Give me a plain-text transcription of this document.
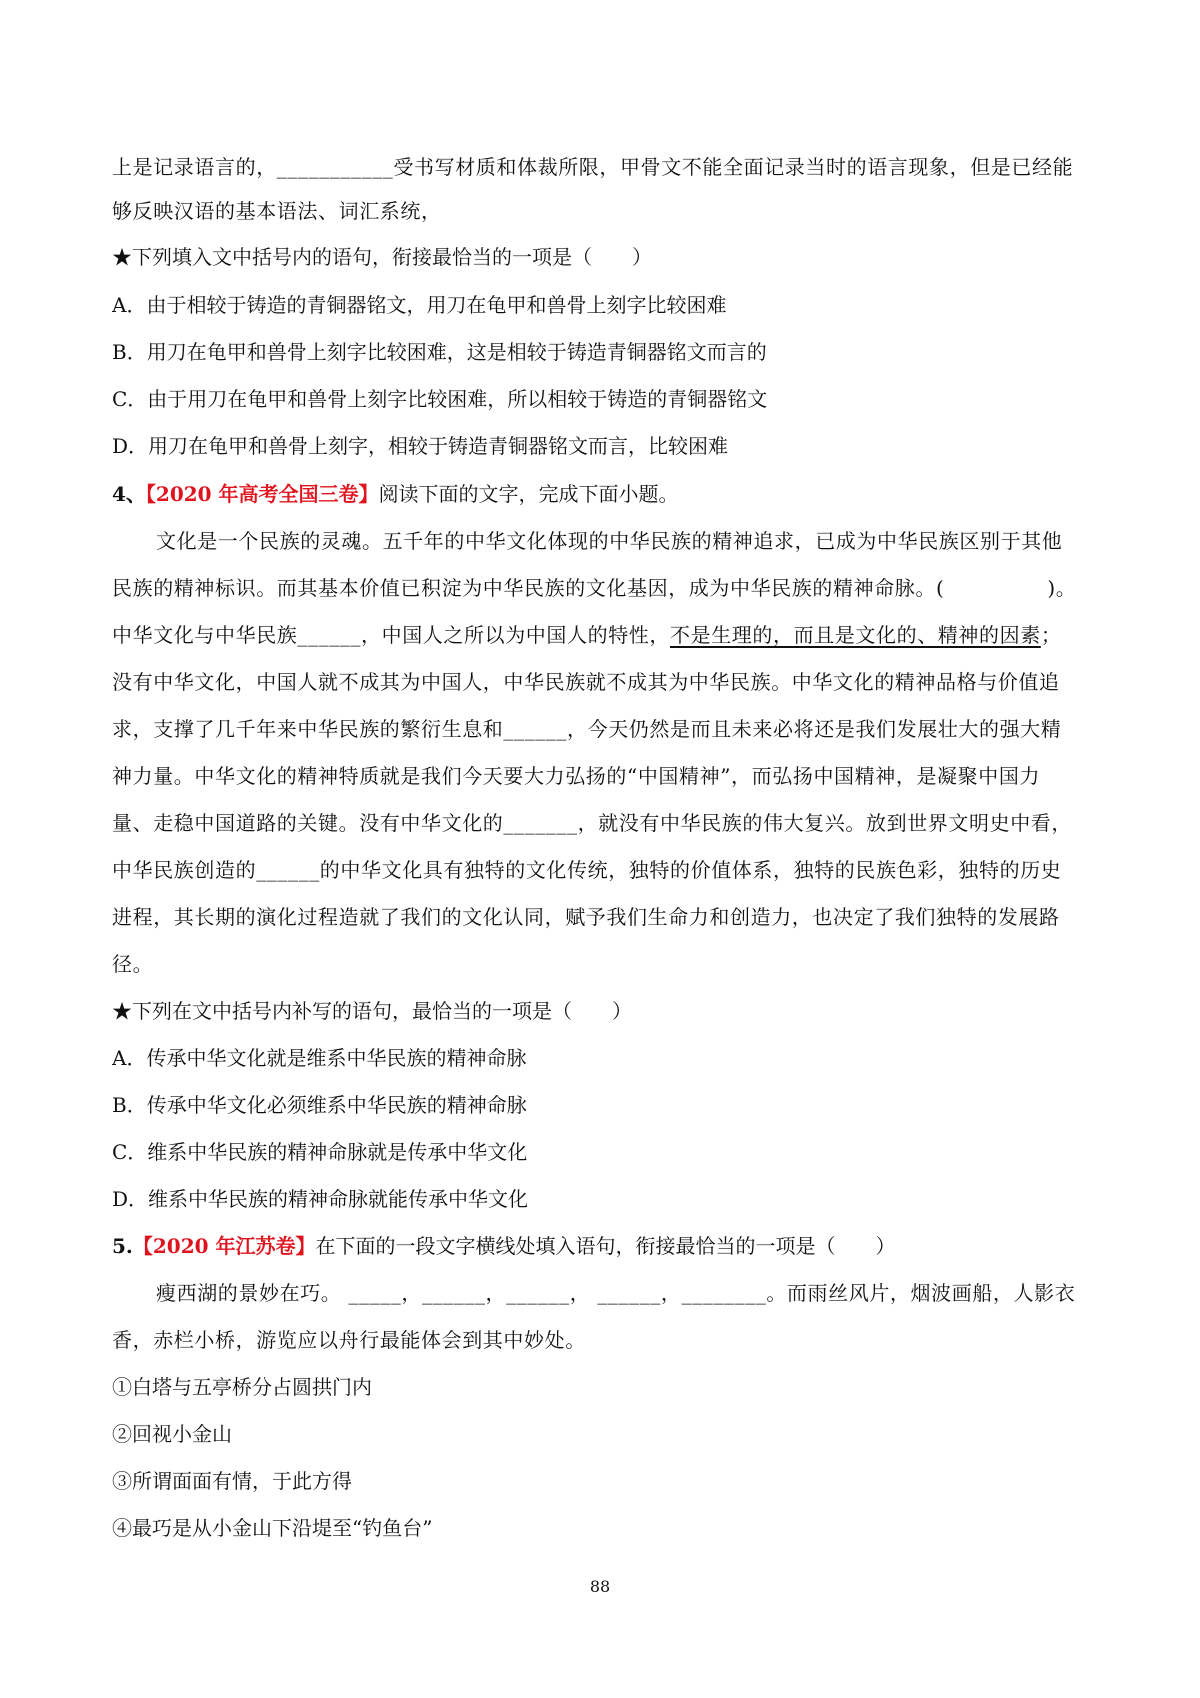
上是记录语言的，___________受书写材质和体裁所限，甲骨文不能全面记录当时的语言现象，但是已经能
够反映汉语的基本语法、词汇系统，
★下列填入文中括号内的语句，衔接最恰当的一项是（　　）
A．由于相较于铸造的青铜器铭文，用刀在龟甲和兽骨上刻字比较困难
B．用刀在龟甲和兽骨上刻字比较困难，这是相较于铸造青铜器铭文而言的
C．由于用刀在龟甲和兽骨上刻字比较困难，所以相较于铸造的青铜器铭文
D．用刀在龟甲和兽骨上刻字，相较于铸造青铜器铭文而言，比较困难
4、【2020 年高考全国三卷】阅读下面的文字，完成下面小题。
文化是一个民族的灵魂。五千年的中华文化体现的中华民族的精神追求，已成为中华民族区别于其他
民族的精神标识。而其基本价值已积淀为中华民族的文化基因，成为中华民族的精神命脉。(　　　　　)。
中华文化与中华民族______，中国人之所以为中国人的特性，不是生理的，而且是文化的、精神的因素；
没有中华文化，中国人就不成其为中国人，中华民族就不成其为中华民族。中华文化的精神品格与价值追
求，支撑了几千年来中华民族的繁衍生息和______，今天仍然是而且未来必将还是我们发展壮大的强大精
神力量。中华文化的精神特质就是我们今天要大力弘扬的“中国精神”，而弘扬中国精神，是凝聚中国力
量、走稳中国道路的关键。没有中华文化的_______，就没有中华民族的伟大复兴。放到世界文明史中看，
中华民族创造的______的中华文化具有独特的文化传统，独特的价值体系，独特的民族色彩，独特的历史
进程，其长期的演化过程造就了我们的文化认同，赋予我们生命力和创造力，也决定了我们独特的发展路
径。
★下列在文中括号内补写的语句，最恰当的一项是（　　）
A．传承中华文化就是维系中华民族的精神命脉
B．传承中华文化必须维系中华民族的精神命脉
C．维系中华民族的精神命脉就是传承中华文化
D．维系中华民族的精神命脉就能传承中华文化
5.【2020 年江苏卷】在下面的一段文字横线处填入语句，衔接最恰当的一项是（　　）
瘦西湖的景妙在巧。 _____，______，______， ______，________。而雨丝风片，烟波画船，人影衣
香，赤栏小桥，游览应以舟行最能体会到其中妙处。
①白塔与五亭桥分占圆拱门内
②回视小金山
③所谓面面有情，于此方得
④最巧是从小金山下沿堤至“钓鱼台”
88
